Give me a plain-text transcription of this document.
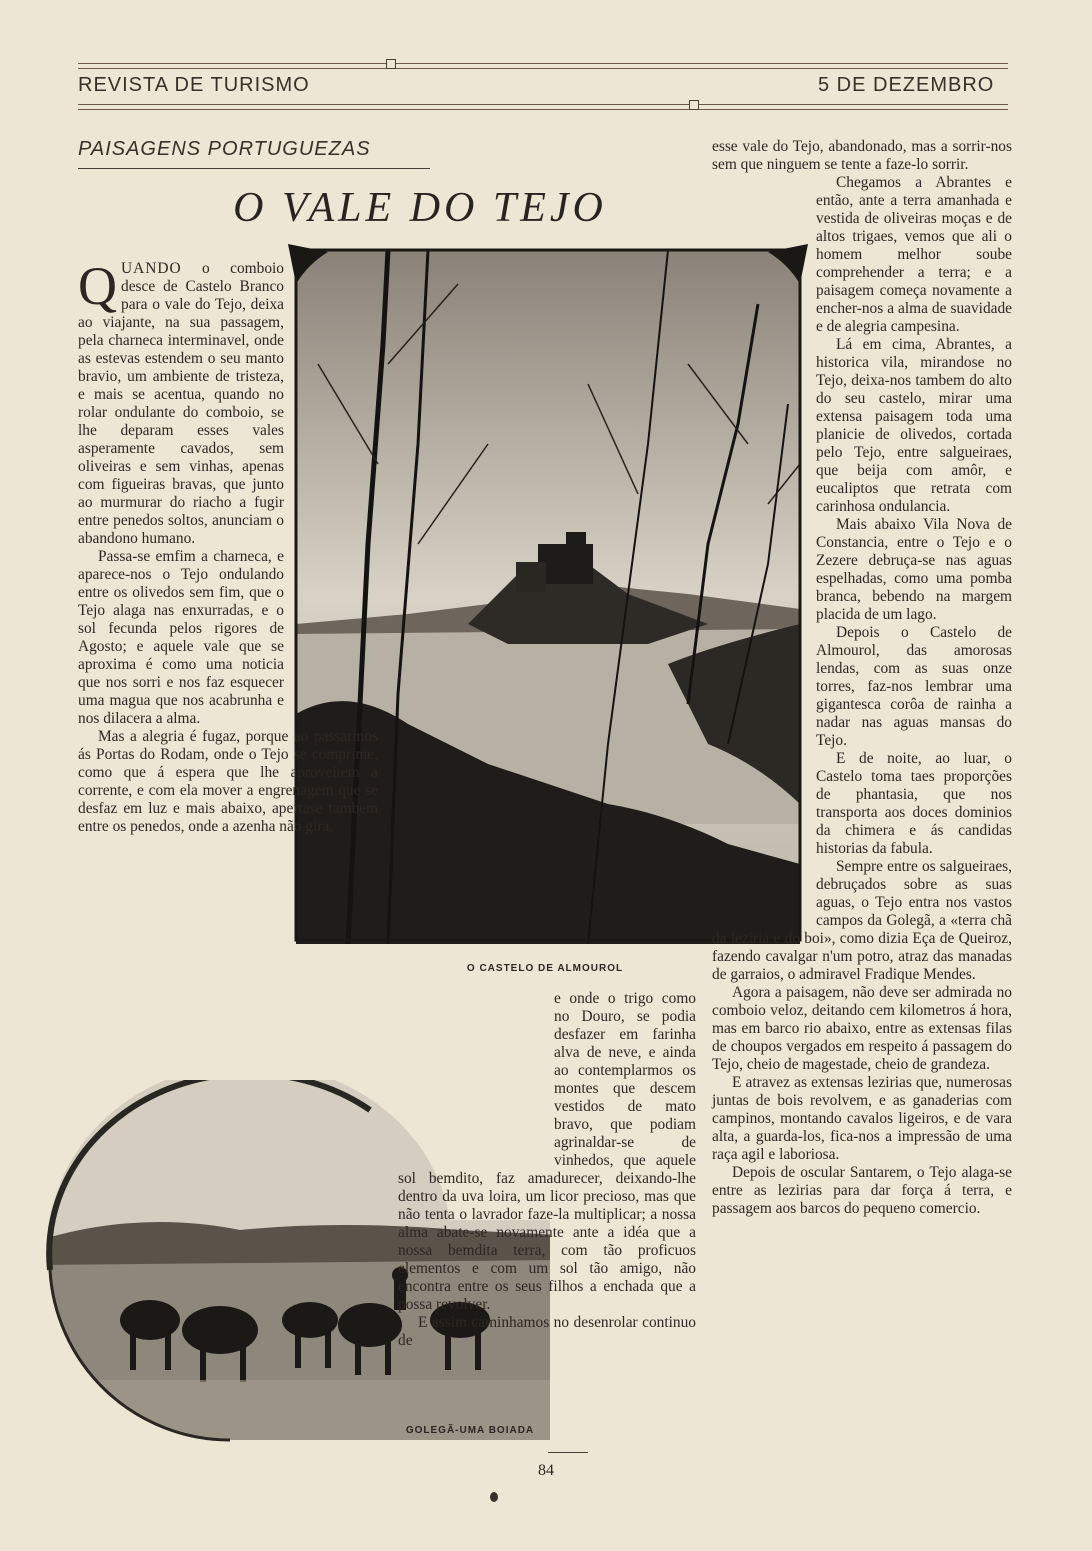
REVISTA DE TURISMO	5 DE DEZEMBRO
PAISAGENS PORTUGUEZAS
O VALE DO TEJO
O CASTELO DE ALMOUROL
GOLEGÃ-UMA BOIADA

QUANDO o comboio desce de Castelo Branco para o vale do Tejo, deixa ao viajante, na sua passagem, pela charneca interminavel, onde as estevas estendem o seu manto bravio, um ambiente de tristeza, e mais se acentua, quando no rolar ondulante do comboio, se lhe deparam esses vales asperamente cavados, sem oliveiras e sem vinhas, apenas com figueiras bravas, que junto ao murmurar do riacho a fugir entre penedos soltos, anunciam o abandono humano.

Passa-se emfim a charneca, e aparece-nos o Tejo ondulando entre os olivedos sem fim, que o Tejo alaga nas enxurradas, e o sol fecunda pelos rigores de Agosto; e aquele vale que se aproxima é como uma noticia que nos sorri e nos faz esquecer uma magua que nos acabrunha e nos dilacera a alma.

Mas a alegria é fugaz, porque ao passarmos ás Portas do Rodam, onde o Tejo se comprime, como que á espera que lhe aproveitem a corrente, e com ela mover a engrenagem que se desfaz em luz e mais abaixo, apertase tambem entre os penedos, onde a azenha não gira,

e onde o trigo como no Douro, se podia desfazer em farinha alva de neve, e ainda ao contemplarmos os montes que descem vestidos de mato bravo, que podiam agrinaldar-se de vinhedos, que aquele sol bemdito, faz amadurecer, deixando-lhe dentro da uva loira, um licor precioso, mas que não tenta o lavrador faze-la multiplicar; a nossa alma abate-se novamente ante a idéa que a nossa bemdita terra, com tão proficuos elementos e com um sol tão amigo, não encontra entre os seus filhos a enchada que a possa revolver.

E assim caminhamos no desenrolar continuo de

esse vale do Tejo, abandonado, mas a sorrir-nos sem que ninguem se tente a faze-lo sorrir.

Chegamos a Abrantes e então, ante a terra amanhada e vestida de oliveiras moças e de altos trigaes, vemos que ali o homem melhor soube comprehender a terra; e a paisagem começa novamente a encher-nos a alma de suavidade e de alegria campesina.

Lá em cima, Abrantes, a historica vila, mirandose no Tejo, deixa-nos tambem do alto do seu castelo, mirar uma extensa paisagem toda uma planicie de olivedos, cortada pelo Tejo, entre salgueiraes, que beija com amôr, e eucaliptos que retrata com carinhosa ondulancia.

Mais abaixo Vila Nova de Constancia, entre o Tejo e o Zezere debruça-se nas aguas espelhadas, como uma pomba branca, bebendo na margem placida de um lago.

Depois o Castelo de Almourol, das amorosas lendas, com as suas onze torres, faz-nos lembrar uma gigantesca corôa de rainha a nadar nas aguas mansas do Tejo.

E de noite, ao luar, o Castelo toma taes proporções de phantasia, que nos transporta aos doces dominios da chimera e ás candidas historias da fabula.

Sempre entre os salgueiraes, debruçados sobre as suas aguas, o Tejo entra nos vastos campos da Golegã, a «terra chã da leziria e do boi», como dizia Eça de Queiroz, fazendo cavalgar n'um potro, atraz das manadas de garraios, o admiravel Fradique Mendes.

Agora a paisagem, não deve ser admirada no comboio veloz, deitando cem kilometros á hora, mas em barco rio abaixo, entre as extensas filas de choupos vergados em respeito á passagem do Tejo, cheio de magestade, cheio de grandeza.

E atravez as extensas lezirias que, numerosas juntas de bois revolvem, e as ganaderias com campinos, montando cavalos ligeiros, e de vara alta, a guarda-los, fica-nos a impressão de uma raça agil e laboriosa.

Depois de oscular Santarem, o Tejo alaga-se entre as lezirias para dar força á terra, e passagem aos barcos do pequeno comercio.

84
